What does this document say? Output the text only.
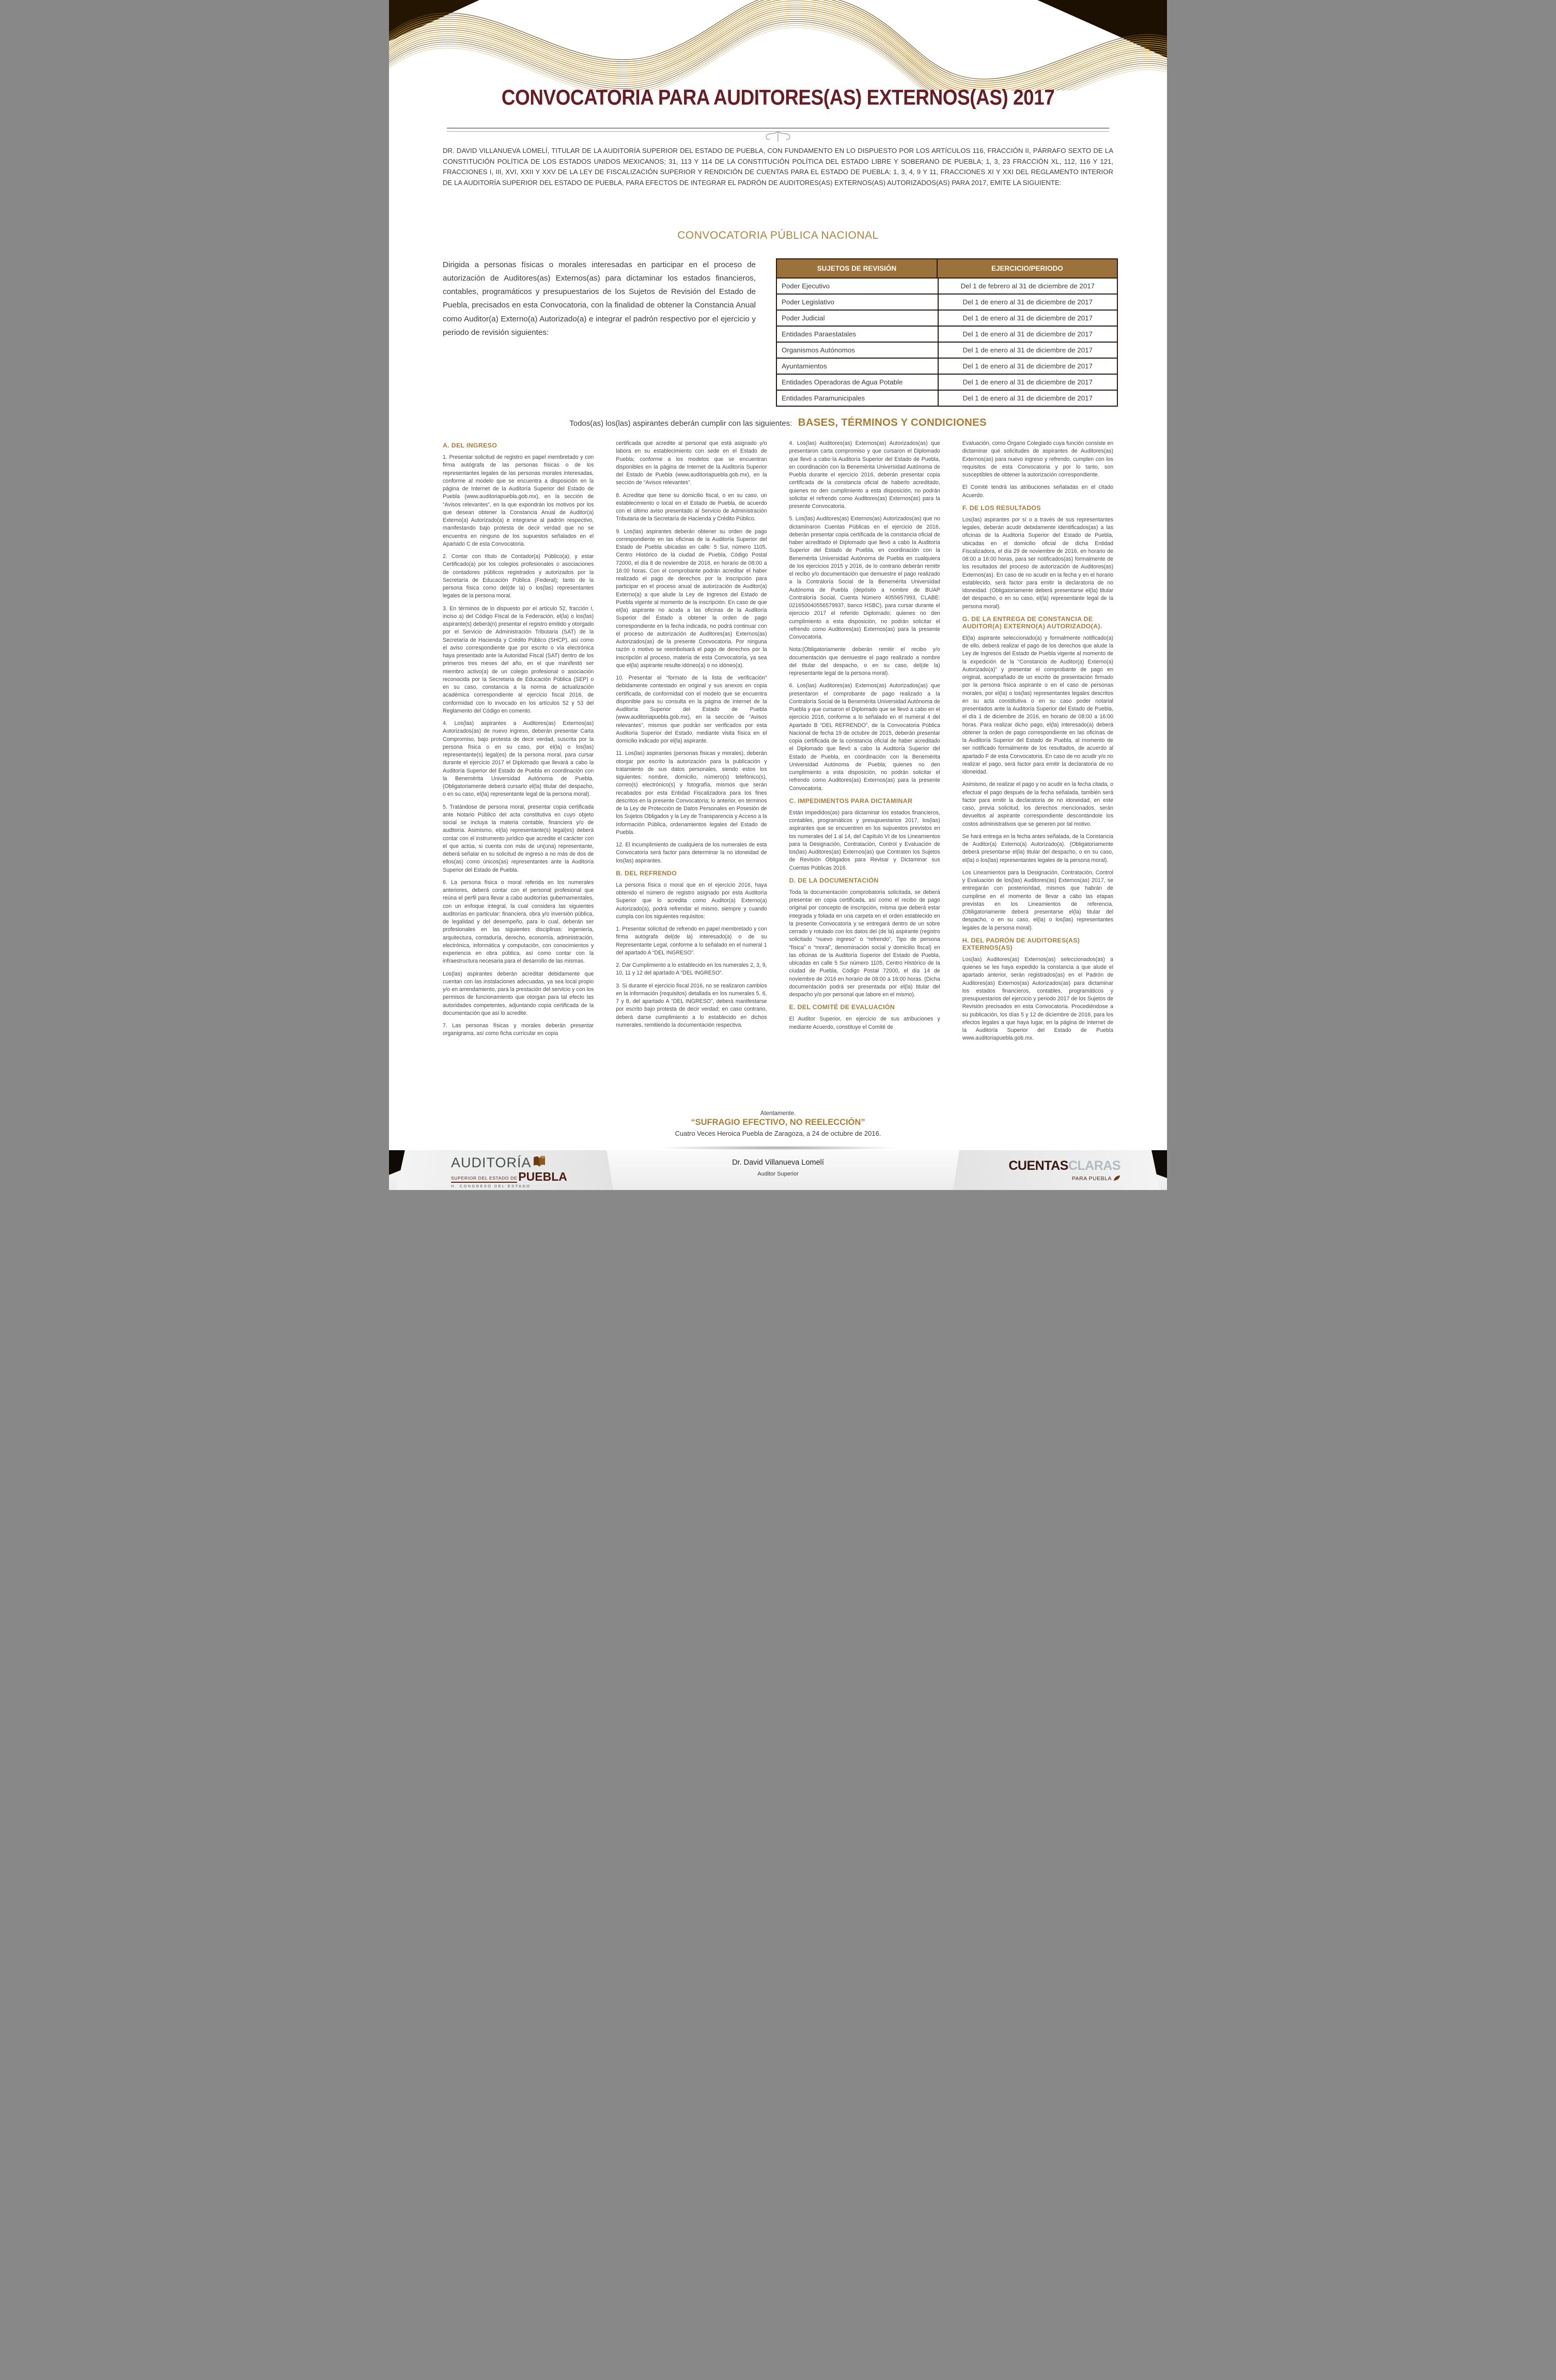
CONVOCATORIA PARA AUDITORES(AS) EXTERNOS(AS) 2017
DR. DAVID VILLANUEVA LOMELÍ, TITULAR DE LA AUDITORÍA SUPERIOR DEL ESTADO DE PUEBLA, CON FUNDAMENTO EN LO DISPUESTO POR LOS ARTÍCULOS 116, FRACCIÓN II, PÁRRAFO SEXTO DE LA CONSTITUCIÓN POLÍTICA DE LOS ESTADOS UNIDOS MEXICANOS; 31, 113 Y 114 DE LA CONSTITUCIÓN POLÍTICA DEL ESTADO LIBRE Y SOBERANO DE PUEBLA; 1, 3, 23 FRACCIÓN XL, 112, 116 Y 121, FRACCIONES I, III, XVI, XXII Y XXV DE LA LEY DE FISCALIZACIÓN SUPERIOR Y RENDICIÓN DE CUENTAS PARA EL ESTADO DE PUEBLA; 1, 3, 4, 9 Y 11, FRACCIONES XI Y XXI DEL REGLAMENTO INTERIOR DE LA AUDITORÍA SUPERIOR DEL ESTADO DE PUEBLA, PARA EFECTOS DE INTEGRAR EL PADRÓN DE AUDITORES(AS) EXTERNOS(AS) AUTORIZADOS(AS) PARA 2017, EMITE LA SIGUIENTE:
CONVOCATORIA PÚBLICA NACIONAL
Dirigida a personas físicas o morales interesadas en participar en el proceso de autorización de Auditores(as) Externos(as) para dictaminar los estados financieros, contables, programáticos y presupuestarios de los Sujetos de Revisión del Estado de Puebla, precisados en esta Convocatoria, con la finalidad de obtener la Constancia Anual como Auditor(a) Externo(a) Autorizado(a) e integrar el padrón respectivo por el ejercicio y periodo de revisión siguientes:
SUJETOS DE REVISIÓN	EJERCICIO/PERIODO
Poder Ejecutivo	Del 1 de febrero al 31 de diciembre de 2017
Poder Legislativo	Del 1 de enero al 31 de diciembre de 2017
Poder Judicial	Del 1 de enero al 31 de diciembre de 2017
Entidades Paraestatales	Del 1 de enero al 31 de diciembre de 2017
Organismos Autónomos	Del 1 de enero al 31 de diciembre de 2017
Ayuntamientos	Del 1 de enero al 31 de diciembre de 2017
Entidades Operadoras de Agua Potable	Del 1 de enero al 31 de diciembre de 2017
Entidades Paramunicipales	Del 1 de enero al 31 de diciembre de 2017
Todos(as) los(las) aspirantes deberán cumplir con las siguientes: BASES, TÉRMINOS Y CONDICIONES
A. DEL INGRESO
1. Presentar solicitud de registro en papel membretado y con firma autógrafa de las personas físicas o de los representantes legales de las personas morales interesadas, conforme al modelo que se encuentra a disposición en la página de Internet de la Auditoría Superior del Estado de Puebla (www.auditoriapuebla.gob.mx), en la sección de “Avisos relevantes”, en la que expondrán los motivos por los que desean obtener la Constancia Anual de Auditor(a) Externo(a) Autorizado(a) e integrarse al padrón respectivo, manifestando bajo protesta de decir verdad que no se encuentra en ninguno de los supuestos señalados en el Apartado C de esta Convocatoria.
2. Contar con título de Contador(a) Público(a); y estar Certificado(a) por los colegios profesionales o asociaciones de contadores públicos registrados y autorizados por la Secretaría de Educación Pública (Federal); tanto de la persona física como del(de la) o los(las) representantes legales de la persona moral.
3. En términos de lo dispuesto por el artículo 52, fracción I, inciso a) del Código Fiscal de la Federación, el(la) o los(las) aspirante(s) deberá(n) presentar el registro emitido y otorgado por el Servicio de Administración Tributaria (SAT) de la Secretaría de Hacienda y Crédito Público (SHCP), así como el aviso correspondiente que por escrito o vía electrónica haya presentado ante la Autoridad Fiscal (SAT) dentro de los primeros tres meses del año, en el que manifestó ser miembro activo(a) de un colegio profesional o asociación reconocida por la Secretaría de Educación Pública (SEP) o en su caso, constancia a la norma de actualización académica correspondiente al ejercicio fiscal 2016, de conformidad con lo invocado en los artículos 52 y 53 del Reglamento del Código en comento.
4. Los(las) aspirantes a Auditores(as) Externos(as) Autorizados(as) de nuevo ingreso, deberán presentar Carta Compromiso, bajo protesta de decir verdad, suscrita por la persona física o en su caso, por el(la) o los(las) representante(s) legal(es) de la persona moral, para cursar durante el ejercicio 2017 el Diplomado que llevará a cabo la Auditoría Superior del Estado de Puebla en coordinación con la Benemérita Universidad Autónoma de Puebla. (Obligatoriamente deberá cursarlo el(la) titular del despacho, o en su caso, el(la) representante legal de la persona moral).
5. Tratándose de persona moral, presentar copia certificada ante Notario Público del acta constitutiva en cuyo objeto social se incluya la materia contable, financiera y/o de auditoría. Asimismo, el(la) representante(s) legal(es) deberá contar con el instrumento jurídico que acredite el carácter con el que actúa, si cuenta con más de un(una) representante, deberá señalar en su solicitud de ingreso a no más de dos de ellos(as) como únicos(as) representantes ante la Auditoría Superior del Estado de Puebla.
6. La persona física o moral referida en los numerales anteriores, deberá contar con el personal profesional que reúna el perfil para llevar a cabo auditorías gubernamentales, con un enfoque integral, la cual considera las siguientes auditorías en particular: financiera, obra y/o inversión pública, de legalidad y del desempeño, para lo cual, deberán ser profesionales en las siguientes disciplinas: ingeniería, arquitectura, contaduría, derecho, economía, administración, electrónica, informática y computación, con conocimientos y experiencia en obra pública, así como contar con la infraestructura necesaria para el desarrollo de las mismas.
Los(las) aspirantes deberán acreditar debidamente que cuentan con las instalaciones adecuadas, ya sea local propio y/o en arrendamiento, para la prestación del servicio y con los permisos de funcionamiento que otorgan para tal efecto las autoridades competentes, adjuntando copia certificada de la documentación que así lo acredite.
7. Las personas físicas y morales deberán presentar organigrama, así como ficha curricular en copia
certificada que acredite al personal que está asignado y/o labora en su establecimiento con sede en el Estado de Puebla; conforme a los modelos que se encuentran disponibles en la página de Internet de la Auditoría Superior del Estado de Puebla (www.auditoriapuebla.gob.mx), en la sección de “Avisos relevantes”.
8. Acreditar que tiene su domicilio fiscal, o en su caso, un establecimiento o local en el Estado de Puebla, de acuerdo con el último aviso presentado al Servicio de Administración Tributaria de la Secretaría de Hacienda y Crédito Público.
9. Los(las) aspirantes deberán obtener su orden de pago correspondiente en las oficinas de la Auditoría Superior del Estado de Puebla ubicadas en calle: 5 Sur, número 1105, Centro Histórico de la ciudad de Puebla, Código Postal 72000, el día 8 de noviembre de 2016, en horario de 08:00 a 16:00 horas. Con el comprobante podrán acreditar el haber realizado el pago de derechos por la inscripción para participar en el proceso anual de autorización de Auditor(a) Externo(a) a que alude la Ley de Ingresos del Estado de Puebla vigente al momento de la inscripción. En caso de que el(la) aspirante no acuda a las oficinas de la Auditoría Superior del Estado a obtener la orden de pago correspondiente en la fecha indicada, no podrá continuar con el proceso de autorización de Auditores(as) Externos(as) Autorizados(as) de la presente Convocatoria. Por ninguna razón o motivo se reembolsará el pago de derechos por la inscripción al proceso, materia de esta Convocatoria, ya sea que el(la) aspirante resulte idóneo(a) o no idóneo(a).
10. Presentar el “formato de la lista de verificación” debidamente contestado en original y sus anexos en copia certificada, de conformidad con el modelo que se encuentra disponible para su consulta en la página de Internet de la Auditoría Superior del Estado de Puebla (www.auditoriapuebla.gob.mx), en la sección de “Avisos relevantes”, mismos que podrán ser verificados por esta Auditoría Superior del Estado, mediante visita física en el domicilio indicado por el(la) aspirante.
11. Los(las) aspirantes (personas físicas y morales), deberán otorgar por escrito la autorización para la publicación y tratamiento de sus datos personales, siendo estos los siguientes: nombre, domicilio, número(s) telefónico(s), correo(s) electrónico(s) y fotografía, mismos que serán recabados por esta Entidad Fiscalizadora para los fines descritos en la presente Convocatoria; lo anterior, en términos de la Ley de Protección de Datos Personales en Posesión de los Sujetos Obligados y la Ley de Transparencia y Acceso a la Información Pública, ordenamientos legales del Estado de Puebla.
12. El incumplimiento de cualquiera de los numerales de esta Convocatoria será factor para determinar la no idoneidad de los(las) aspirantes.
B. DEL REFRENDO
La persona física o moral que en el ejercicio 2016, haya obtenido el número de registro asignado por esta Auditoría Superior que lo acredita como Auditor(a) Externo(a) Autorizado(a), podrá refrendar el mismo, siempre y cuando cumpla con los siguientes requisitos:
1. Presentar solicitud de refrendo en papel membretado y con firma autógrafa del(de la) interesado(a) o de su Representante Legal, conforme a lo señalado en el numeral 1 del apartado A “DEL INGRESO”.
2. Dar Cumplimiento a lo establecido en los numerales 2, 3, 9, 10, 11 y 12 del apartado A “DEL INGRESO”.
3. Si durante el ejercicio fiscal 2016, no se realizaron cambios en la información (requisitos) detallada en los numerales 5, 6, 7 y 8, del apartado A “DEL INGRESO”, deberá manifestarse por escrito bajo protesta de decir verdad; en caso contrario, deberá darse cumplimiento a lo establecido en dichos numerales, remitiendo la documentación respectiva.
4. Los(las) Auditores(as) Externos(as) Autorizados(as) que presentaron carta compromiso y que cursaron el Diplomado que llevó a cabo la Auditoría Superior del Estado de Puebla, en coordinación con la Benemérita Universidad Autónoma de Puebla durante el ejercicio 2016, deberán presentar copia certificada de la constancia oficial de haberlo acreditado, quienes no den cumplimiento a esta disposición, no podrán solicitar el refrendo como Auditores(as) Externos(as) para la presente Convocatoria.
5. Los(las) Auditores(as) Externos(as) Autorizados(as) que no dictaminaron Cuentas Públicas en el ejercicio de 2016, deberán presentar copia certificada de la constancia oficial de haber acreditado el Diplomado que llevó a cabo la Auditoría Superior del Estado de Puebla, en coordinación con la Benemérita Universidad Autónoma de Puebla en cualquiera de los ejercicios 2015 y 2016, de lo contrario deberán remitir el recibo y/o documentación que demuestre el pago realizado a la Contraloría Social de la Benemérita Universidad Autónoma de Puebla (depósito a nombre de BUAP Contraloría Social, Cuenta Número 4055657993, CLABE: 021650040556579937, banco HSBC), para cursar durante el ejercicio 2017 el referido Diplomado; quienes no den cumplimiento a esta disposición, no podrán solicitar el refrendo como Auditores(as) Externos(as) para la presente Convocatoria.
Nota:(Obligatoriamente deberán remitir el recibo y/o documentación que demuestre el pago realizado a nombre del titular del despacho, o en su caso, del(de la) representante legal de la persona moral).
6. Los(las) Auditores(as) Externos(as) Autorizados(as) que presentaron el comprobante de pago realizado a la Contraloría Social de la Benemérita Universidad Autónoma de Puebla y que cursaron el Diplomado que se llevó a cabo en el ejercicio 2016, conforme a lo señalado en el numeral 4 del Apartado B “DEL REFRENDO”, de la Convocatoria Pública Nacional de fecha 19 de octubre de 2015, deberán presentar copia certificada de la constancia oficial de haber acreditado el Diplomado que llevó a cabo la Auditoría Superior del Estado de Puebla, en coordinación con la Benemérita Universidad Autónoma de Puebla; quienes no den cumplimiento a esta disposición, no podrán solicitar el refrendo como Auditores(as) Externos(as) para la presente Convocatoria.
C. IMPEDIMENTOS PARA DICTAMINAR
Están impedidos(as) para dictaminar los estados financieros, contables, programáticos y presupuestarios 2017, los(las) aspirantes que se encuentren en los supuestos previstos en los numerales del 1 al 14, del Capítulo VI de los Lineamientos para la Designación, Contratación, Control y Evaluación de los(las) Auditores(as) Externos(as) que Contraten los Sujetos de Revisión Obligados para Revisar y Dictaminar sus Cuentas Públicas 2016.
D. DE LA DOCUMENTACIÓN
Toda la documentación comprobatoria solicitada, se deberá presentar en copia certificada, así como el recibo de pago original por concepto de inscripción, misma que deberá estar integrada y foliada en una carpeta en el orden establecido en la presente Convocatoria y se entregará dentro de un sobre cerrado y rotulado con los datos del (de la) aspirante (registro solicitado “nuevo ingreso” o “refrendo”, Tipo de persona “física” o “moral”, denominación social y domicilio fiscal) en las oficinas de la Auditoría Superior del Estado de Puebla, ubicadas en calle 5 Sur número 1105, Centro Histórico de la ciudad de Puebla, Código Postal 72000, el día 14 de noviembre de 2016 en horario de 08:00 a 16:00 horas. (Dicha documentación podrá ser presentada por el(la) titular del despacho y/o por personal que labore en el mismo).
E. DEL COMITÉ DE EVALUACIÓN
El Auditor Superior, en ejercicio de sus atribuciones y mediante Acuerdo, constituye el Comité de
Evaluación, como Órgano Colegiado cuya función consiste en dictaminar qué solicitudes de aspirantes de Auditores(as) Externos(as) para nuevo ingreso y refrendo, cumplen con los requisitos de esta Convocatoria y por lo tanto, son susceptibles de obtener la autorización correspondiente.
El Comité tendrá las atribuciones señaladas en el citado Acuerdo.
F. DE LOS RESULTADOS
Los(las) aspirantes por sí o a través de sus representantes legales, deberán acudir debidamente identificados(as) a las oficinas de la Auditoría Superior del Estado de Puebla, ubicadas en el domicilio oficial de dicha Entidad Fiscalizadora, el día 29 de noviembre de 2016, en horario de 08:00 a 16:00 horas, para ser notificados(as) formalmente de los resultados del proceso de autorización de Auditores(as) Externos(as). En caso de no acudir en la fecha y en el horario establecido, será factor para emitir la declaratoria de no idoneidad. (Obligatoriamente deberá presentarse el(la) titular del despacho, o en su caso, el(la) representante legal de la persona moral).
G. DE LA ENTREGA DE CONSTANCIA DE AUDITOR(A) EXTERNO(A) AUTORIZADO(A).
El(la) aspirante seleccionado(a) y formalmente notificado(a) de ello, deberá realizar el pago de los derechos que alude la Ley de Ingresos del Estado de Puebla vigente al momento de la expedición de la “Constancia de Auditor(a) Externo(a) Autorizado(a)” y presentar el comprobante de pago en original, acompañado de un escrito de presentación firmado por la persona física aspirante o en el caso de personas morales, por el(la) o los(las) representantes legales descritos en su acta constitutiva o en su caso poder notarial presentados ante la Auditoría Superior del Estado de Puebla, el día 1 de diciembre de 2016, en horario de 08:00 a 16:00 horas. Para realizar dicho pago, el(la) interesado(a) deberá obtener la orden de pago correspondiente en las oficinas de la Auditoría Superior del Estado de Puebla, al momento de ser notificado formalmente de los resultados, de acuerdo al apartado F de esta Convocatoria. En caso de no acudir y/o no realizar el pago, será factor para emitir la declaratoria de no idoneidad.
Asimismo, de realizar el pago y no acudir en la fecha citada, o efectuar el pago después de la fecha señalada, también será factor para emitir la declaratoria de no idoneidad, en este caso, previa solicitud, los derechos mencionados, serán devueltos al aspirante correspondiente descontándole los costos administrativos que se generen por tal motivo.
Se hará entrega en la fecha antes señalada, de la Constancia de Auditor(a) Externo(a) Autorizado(a). (Obligatoriamente deberá presentarse el(la) titular del despacho, o en su caso, el(la) o los(las) representantes legales de la persona moral).
Los Lineamientos para la Designación, Contratación, Control y Evaluación de los(las) Auditores(as) Externos(as) 2017, se entregarán con posterioridad, mismos que habrán de cumplirse en el momento de llevar a cabo las etapas previstas en los Lineamientos de referencia. (Obligatoriamente deberá presentarse el(la) titular del despacho, o en su caso, el(la) o los(las) representantes legales de la persona moral).
H. DEL PADRÓN DE AUDITORES(AS) EXTERNOS(AS)
Los(las) Auditores(as) Externos(as) seleccionados(as) a quienes se les haya expedido la constancia a que alude el apartado anterior, serán registrados(as) en el Padrón de Auditores(as) Externos(as) Autorizados(as) para dictaminar los estados financieros, contables, programáticos y presupuestarios del ejercicio y periodo 2017 de los Sujetos de Revisión precisados en esta Convocatoria. Procediéndose a su publicación, los días 5 y 12 de diciembre de 2016, para los efectos legales a que haya lugar, en la página de Internet de la Auditoría Superior del Estado de Puebla www.auditoriapuebla.gob.mx.
Atentamente.
“SUFRAGIO EFECTIVO, NO REELECCIÓN”
Cuatro Veces Heroica Puebla de Zaragoza, a 24 de octubre de 2016.
AUDITORÍA
SUPERIOR DEL ESTADO DEPUEBLA
H. CONGRESO DEL ESTADO
Dr. David Villanueva Lomelí
Auditor Superior
CUENTASCLARAS
PARA PUEBLA
